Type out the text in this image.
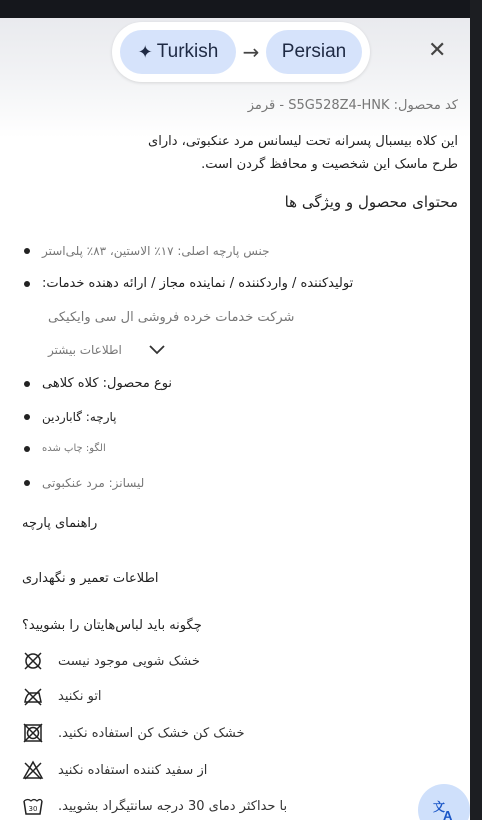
✦ Turkish	→	Persian	✕
کد محصول: S5G528Z4-HNK - قرمز
این کلاه بیسبال پسرانه تحت لیسانس مرد عنکبوتی، دارای
طرح ماسک این شخصیت و محافظ گردن است.
محتوای محصول و ویژگی ها
جنس پارچه اصلی: ۱۷٪ الاستین، ۸۳٪ پلی‌استر
تولیدکننده / واردکننده / نماینده مجاز / ارائه دهنده خدمات:
شرکت خدمات خرده فروشی ال سی وایکیکی
اطلاعات بیشتر
نوع محصول: کلاه کلاهی
پارچه: گاباردین
الگو: چاپ شده
لیسانز: مرد عنکبوتی
راهنمای پارچه
اطلاعات تعمیر و نگهداری
چگونه باید لباس‌هایتان را بشویید؟
خشک شویی موجود نیست
اتو نکنید
خشک کن خشک کن استفاده نکنید.
از سفید کننده استفاده نکنید
30 با حداکثر دمای 30 درجه سانتیگراد بشویید.	文
A
